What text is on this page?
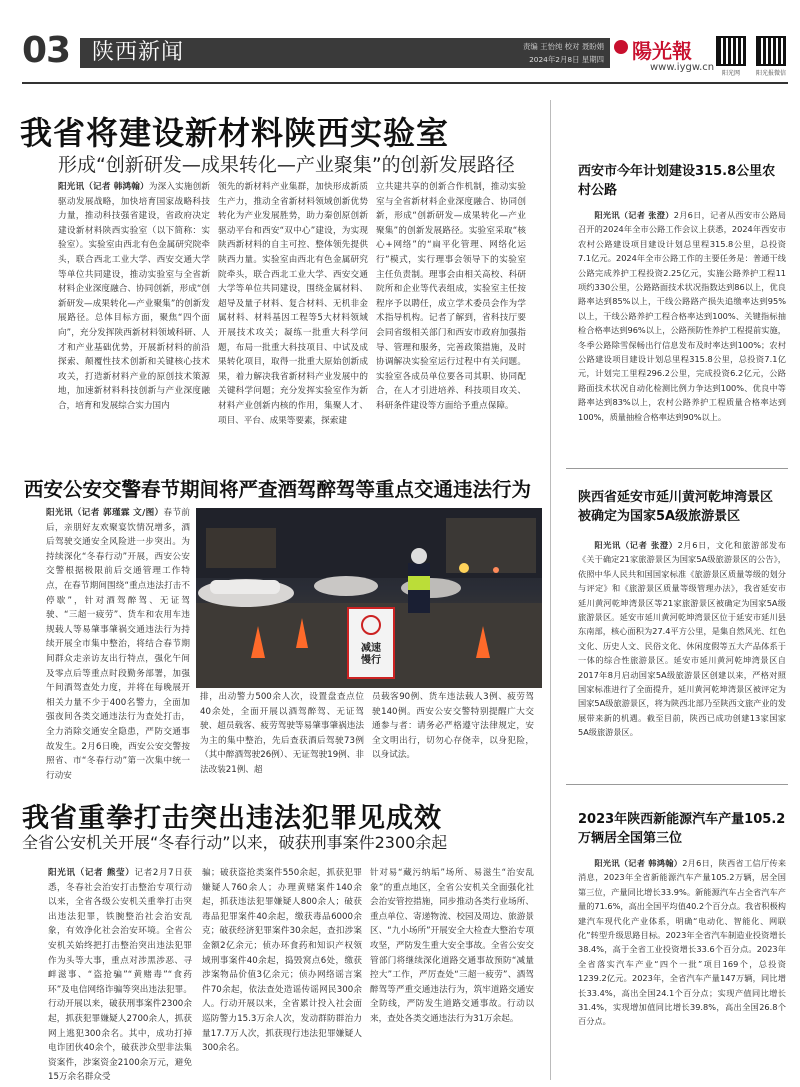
03 陕西新闻	责编 王怡纯 校对 聂盼娟
2024年2月8日 星期四 陽光報
www.iygw.cn
阳光网	阳光报微信
我省将建设新材料陕西实验室
形成“创新研发—成果转化—产业聚集”的创新发展路径
阳光讯（记者 韩鸿翰）为深入实施创新驱动发展战略，加快培育国家战略科技力量，推动科技强省建设，省政府决定建设新材料陕西实验室（以下简称：实验室）。实验室由西北有色金属研究院牵头，联合西北工业大学、西安交通大学等单位共同建设，推动实验室与全省新材料企业深度融合、协同创新，形成“创新研发—成果转化—产业聚集”的创新发展路径。总体目标方面，聚焦“四个面向”，充分发挥陕西新材料领域科研、人才和产业基础优势，开展新材料的前沿探索、颠覆性技术创新和关键核心技术攻关，打造新材料产业的原创技术策源地，加速新材料科技创新与产业深度融合，培育和发展综合实力国内
领先的新材料产业集群，加快形成新质生产力，推动全省新材料领域创新优势转化为产业发展胜势，助力秦创原创新驱动平台和西安“双中心”建设，为实现陕西新材料的自主可控、整体领先提供陕西力量。实验室由西北有色金属研究院牵头，联合西北工业大学、西安交通大学等单位共同建设，围绕金属材料、超导及量子材料、复合材料、无机非金属材料、材料基因工程等5大材料领域开展技术攻关；凝练一批重大科学问题，布局一批重大科技项目、中试及成果转化项目，取得一批重大原始创新成果，着力解决我省新材料产业发展中的关键科学问题；充分发挥实验室作为新材料产业创新内核的作用，集聚人才、项目、平台、成果等要素，探索建
立共建共享的创新合作机制，推动实验室与全省新材料企业深度融合、协同创新，形成“创新研发—成果转化—产业聚集”的创新发展路径。实验室采取“核心+网络”的“扁平化管理、网络化运行”模式，实行理事会领导下的实验室主任负责制。理事会由相关高校、科研院所和企业等代表组成，实验室主任按程序予以聘任，成立学术委员会作为学术指导机构。记者了解到，省科技厅要会同省级相关部门和西安市政府加强指导、管理和服务，完善政策措施，及时协调解决实验室运行过程中有关问题。实验室各成员单位要各司其职、协同配合，在人才引进培养、科技项目攻关、科研条件建设等方面给予重点保障。
西安公安交警春节期间将严查酒驾醉驾等重点交通违法行为
阳光讯（记者 郭瑾霖 文/图）春节前后，亲朋好友欢聚宴饮情况增多，酒后驾驶交通安全风险进一步突出。为持续深化“冬春行动”开展，西安公安交警根据极限前后交通管理工作特点，在春节期间围绕“重点违法打击不停歇”，针对酒驾醉驾、无证驾驶、“三超一疲劳”、货车和农用车违规载人等易肇事肇祸交通违法行为持续开展全市集中整治，将结合春节期间群众走亲访友出行特点，强化午间及零点后等重点时段勤务部署，加强午间酒驾查处力度，并将在每晚展开相关力量不少于400名警力，全面加强夜间各类交通违法行为查处打击，全力消除交通安全隐患，严防交通事故发生。2月6日晚，西安公安交警按照省、市“冬春行动”第一次集中统一行动安
减速
慢行
排，出动警力500余人次，设置盘查点位40余处，全面开展以酒驾醉驾、无证驾驶、超员载客、疲劳驾驶等易肇事肇祸违法为主的集中整治，先后查获酒后驾驶73例（其中醉酒驾驶26例）、无证驾驶19例、非法改装21例、超
员载客90例、货车违法载人3例、疲劳驾驶140例。西安公安交警特别提醒广大交通参与者：请务必严格遵守法律规定，安全文明出行，切勿心存侥幸，以身犯险，以身试法。
我省重拳打击突出违法犯罪见成效
全省公安机关开展“冬春行动”以来，破获刑事案件2300余起
阳光讯（记者 熊莹）记者2月7日获悉，冬春社会治安打击整治专项行动以来，全省各级公安机关重拳打击突出违法犯罪，铁腕整治社会治安乱象，有效净化社会治安环境。全省公安机关始终把打击整治突出违法犯罪作为头等大事，重点对涉黑涉恶、寻衅滋事、“盗抢骗”“黄赌毒”“食药环”及电信网络诈骗等突出违法犯罪。行动开展以来，破获刑事案件2300余起，抓获犯罪嫌疑人2700余人，抓获网上逃犯300余名。其中，成功打掉电诈团伙40余个，破获涉众型非法集资案件，涉案资金2100余万元，避免15万余名群众受
骗；破获盗抢类案件550余起，抓获犯罪嫌疑人760余人；办理黄赌案件140余起，抓获违法犯罪嫌疑人800余人；破获毒品犯罪案件40余起，缴获毒品6000余克；破获经济犯罪案件30余起，查扣涉案金额2亿余元；侦办环食药和知识产权领域刑事案件40余起，捣毁窝点6处，缴获涉案物品价值3亿余元；侦办网络谣言案件70余起，依法查处造谣传谣网民300余人。行动开展以来，全省累计投入社会面巡防警力15.3万余人次，发动群防群治力量17.7万人次，抓获现行违法犯罪嫌疑人300余名。
针对易“藏污纳垢”场所、易滋生“治安乱象”的重点地区，全省公安机关全面强化社会治安管控措施，同步推动各类行业场所、重点单位、寄递物流、校园及周边、旅游景区、“九小场所”开展安全大检查大整治专项攻坚，严防发生重大安全事故。全省公安交管部门将继续深化道路交通事故预防“减量控大”工作，严厉查处“三超一疲劳”、酒驾醉驾等严重交通违法行为，筑牢道路交通安全防线，严防发生道路交通事故。行动以来，查处各类交通违法行为31万余起。
西安市今年计划建设315.8公里农村公路

阳光讯（记者 张澄）2月6日，记者从西安市公路局召开的2024年全市公路工作会议上获悉，2024年西安市农村公路建设项目建设计划总里程315.8公里，总投资7.1亿元。2024年全市公路工作的主要任务是：普通干线公路完成养护工程投资2.25亿元，实施公路养护工程11项约330公里，公路路面技术状况指数达到86以上，优良路率达到85%以上，干线公路路产损失追缴率达到95%以上，干线公路养护工程合格率达到100%、关键指标抽检合格率达到96%以上，公路预防性养护工程提前实施，冬季公路除雪保畅出行信息发布及时率达到100%；农村公路建设项目建设计划总里程315.8公里，总投资7.1亿元，计划完工里程296.2公里，完成投资6.2亿元，公路路面技术状况自动化检测比例力争达到100%、优良中等路率达到83%以上，农村公路养护工程质量合格率达到100%，质量抽检合格率达到90%以上。

陕西省延安市延川黄河乾坤湾景区被确定为国家5A级旅游景区

阳光讯（记者 张澄）2月6日，文化和旅游部发布《关于确定21家旅游景区为国家5A级旅游景区的公告》，依照中华人民共和国国家标准《旅游景区质量等级的划分与评定》和《旅游景区质量等级管理办法》，我省延安市延川黄河乾坤湾景区等21家旅游景区被确定为国家5A级旅游景区。延安市延川黄河乾坤湾景区位于延安市延川县东南部，核心面积为27.4平方公里，是集自然风光、红色文化、历史人文、民俗文化、休闲度假等五大产品体系于一体的综合性旅游景区。延安市延川黄河乾坤湾景区自2017年8月启动国家5A级旅游景区创建以来，严格对照国家标准进行了全面提升，延川黄河乾坤湾景区被评定为国家5A级旅游景区，将为陕西北部乃至陕西文旅产业的发展带来新的机遇。截至目前，陕西已成功创建13家国家5A级旅游景区。

2023年陕西新能源汽车产量105.2万辆居全国第三位

阳光讯（记者 韩鸿翰）2月6日，陕西省工信厅传来消息，2023年全省新能源汽车产量105.2万辆，居全国第三位，产量同比增长33.9%。新能源汽车占全省汽车产量的71.6%，高出全国平均值40.2个百分点。我省积极构建汽车现代化产业体系，明确“电动化、智能化、网联化”转型升级思路目标。2023年全省汽车制造业投资增长38.4%，高于全省工业投资增长33.6个百分点。2023年全省落实汽车产业“四个一批”项目169个，总投资1239.2亿元。2023年，全省汽车产量147万辆，同比增长33.4%，高出全国24.1个百分点；实现产值同比增长31.4%，实现增加值同比增长39.8%，高出全国26.8个百分点。
